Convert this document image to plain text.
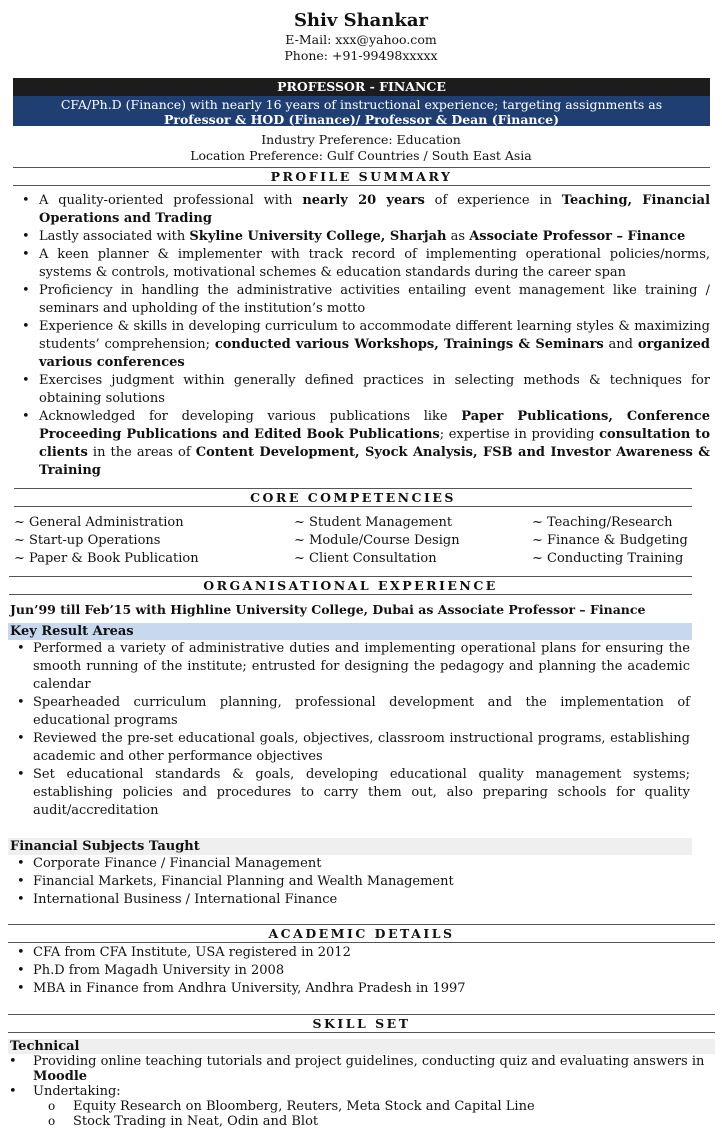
Shiv Shankar
E-Mail: xxx@yahoo.com
Phone: +91-99498xxxxx
PROFESSOR - FINANCE
CFA/Ph.D (Finance) with nearly 16 years of instructional experience; targeting assignments as
Professor & HOD (Finance)/ Professor & Dean (Finance)
Industry Preference: Education
Location Preference: Gulf Countries / South East Asia
PROFILE SUMMARY
• A quality-oriented professional with nearly 20 years of experience in Teaching, Financial Operations and Trading
• Lastly associated with Skyline University College, Sharjah as Associate Professor – Finance
• A keen planner & implementer with track record of implementing operational policies/norms, systems & controls, motivational schemes & education standards during the career span
• Proficiency in handling the administrative activities entailing event management like training / seminars and upholding of the institution’s motto
• Experience & skills in developing curriculum to accommodate different learning styles & maximizing students’ comprehension; conducted various Workshops, Trainings & Seminars and organized various conferences
• Exercises judgment within generally defined practices in selecting methods & techniques for obtaining solutions
• Acknowledged for developing various publications like Paper Publications, Conference Proceeding Publications and Edited Book Publications; expertise in providing consultation to clients in the areas of Content Development, Syock Analysis, FSB and Investor Awareness & Training
CORE COMPETENCIES
~ General Administration	~ Student Management	~ Teaching/Research
~ Start-up Operations	~ Module/Course Design	~ Finance & Budgeting
~ Paper & Book Publication	~ Client Consultation	~ Conducting Training
ORGANISATIONAL EXPERIENCE
Jun’99 till Feb’15 with Highline University College, Dubai as Associate Professor – Finance
Key Result Areas
• Performed a variety of administrative duties and implementing operational plans for ensuring the smooth running of the institute; entrusted for designing the pedagogy and planning the academic calendar
• Spearheaded curriculum planning, professional development and the implementation of educational programs
• Reviewed the pre-set educational goals, objectives, classroom instructional programs, establishing academic and other performance objectives
• Set educational standards & goals, developing educational quality management systems; establishing policies and procedures to carry them out, also preparing schools for quality audit/accreditation
Financial Subjects Taught
• Corporate Finance / Financial Management
• Financial Markets, Financial Planning and Wealth Management
• International Business / International Finance
ACADEMIC DETAILS
• CFA from CFA Institute, USA registered in 2012
• Ph.D from Magadh University in 2008
• MBA in Finance from Andhra University, Andhra Pradesh in 1997
SKILL SET
Technical
• Providing online teaching tutorials and project guidelines, conducting quiz and evaluating answers in Moodle
• Undertaking:
o Equity Research on Bloomberg, Reuters, Meta Stock and Capital Line
o Stock Trading in Neat, Odin and Blot
